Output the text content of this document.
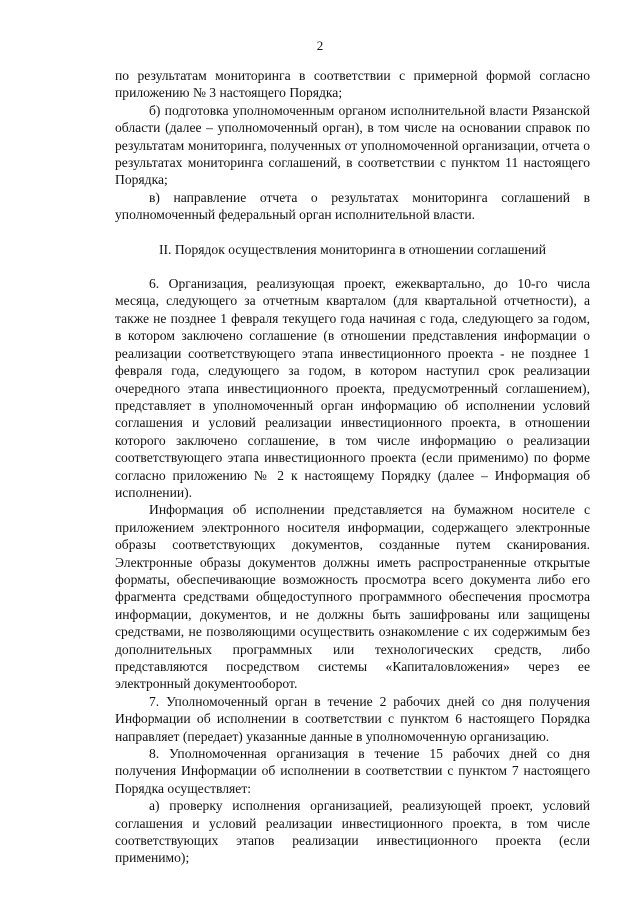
2

по результатам мониторинга в соответствии с примерной формой согласно приложению № 3 настоящего Порядка;

б) подготовка уполномоченным органом исполнительной власти Рязанской области (далее – уполномоченный орган), в том числе на основании справок по результатам мониторинга, полученных от уполномоченной организации, отчета о результатах мониторинга соглашений, в соответствии с пунктом 11 настоящего Порядка;

в) направление отчета о результатах мониторинга соглашений в уполномоченный федеральный орган исполнительной власти.

II. Порядок осуществления мониторинга в отношении соглашений

6. Организация, реализующая проект, ежеквартально, до 10-го числа месяца, следующего за отчетным кварталом (для квартальной отчетности), а также не позднее 1 февраля текущего года начиная с года, следующего за годом, в котором заключено соглашение (в отношении представления информации о реализации соответствующего этапа инвестиционного проекта - не позднее 1 февраля года, следующего за годом, в котором наступил срок реализации очередного этапа инвестиционного проекта, предусмотренный соглашением), представляет в уполномоченный орган информацию об исполнении условий соглашения и условий реализации инвестиционного проекта, в отношении которого заключено соглашение, в том числе информацию о реализации соответствующего этапа инвестиционного проекта (если применимо) по форме согласно приложению № 2 к настоящему Порядку (далее – Информация об исполнении).

Информация об исполнении представляется на бумажном носителе с приложением электронного носителя информации, содержащего электронные образы соответствующих документов, созданные путем сканирования. Электронные образы документов должны иметь распространенные открытые форматы, обеспечивающие возможность просмотра всего документа либо его фрагмента средствами общедоступного программного обеспечения просмотра информации, документов, и не должны быть зашифрованы или защищены средствами, не позволяющими осуществить ознакомление с их содержимым без дополнительных программных или технологических средств, либо представляются посредством системы «Капиталовложения» через ее электронный документооборот.

7. Уполномоченный орган в течение 2 рабочих дней со дня получения Информации об исполнении в соответствии с пунктом 6 настоящего Порядка направляет (передает) указанные данные в уполномоченную организацию.

8. Уполномоченная организация в течение 15 рабочих дней со дня получения Информации об исполнении в соответствии с пунктом 7 настоящего Порядка осуществляет:

а) проверку исполнения организацией, реализующей проект, условий соглашения и условий реализации инвестиционного проекта, в том числе соответствующих этапов реализации инвестиционного проекта (если применимо);
